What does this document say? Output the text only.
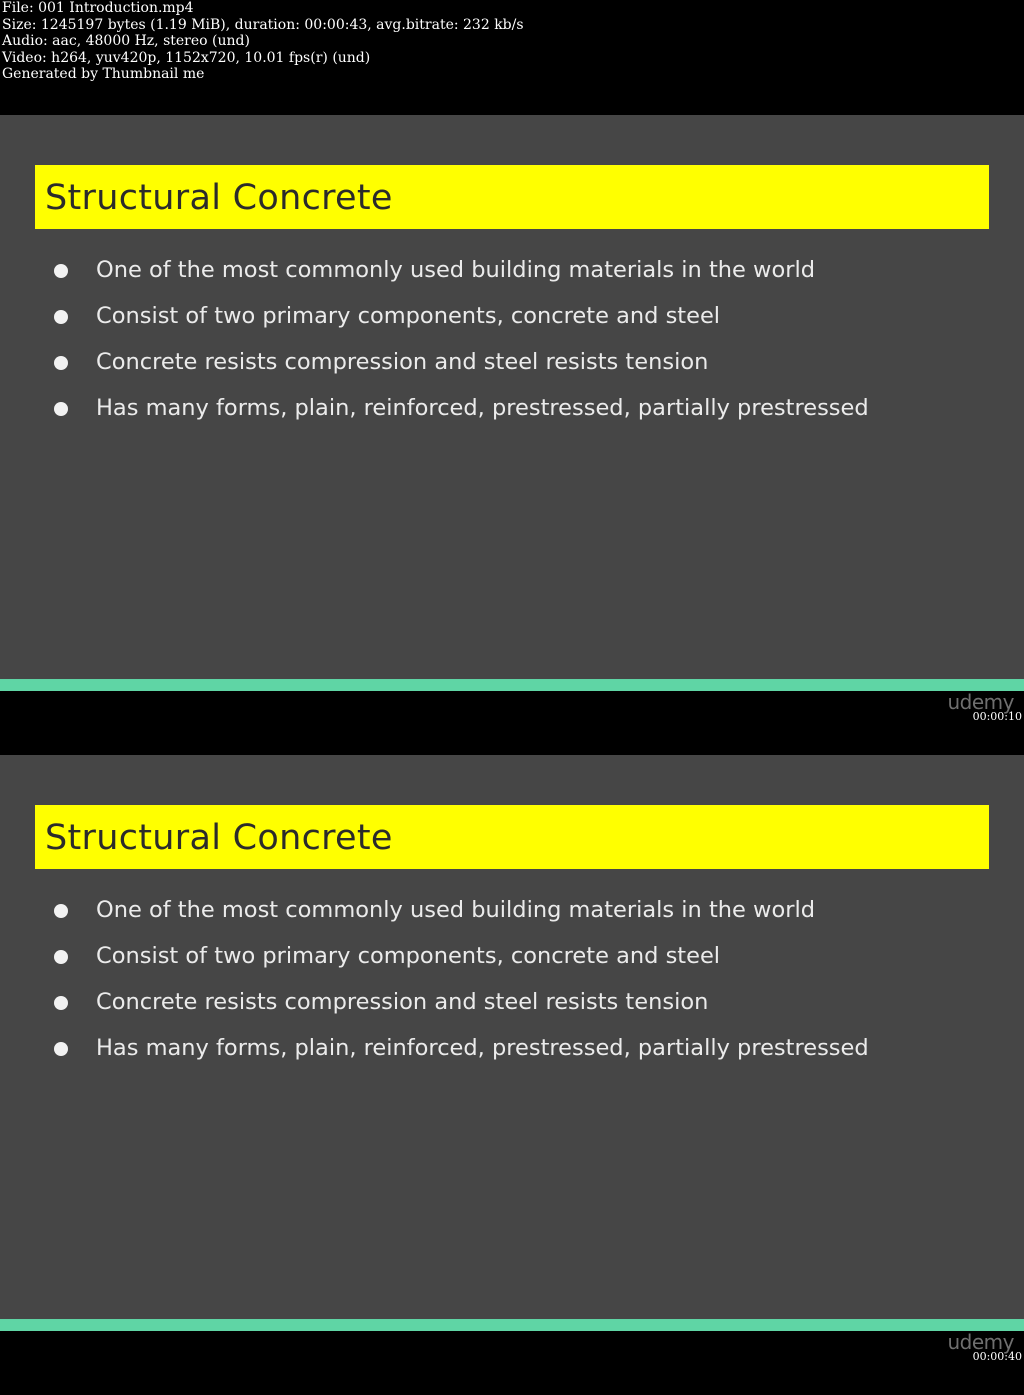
File: 001 Introduction.mp4
Size: 1245197 bytes (1.19 MiB), duration: 00:00:43, avg.bitrate: 232 kb/s
Audio: aac, 48000 Hz, stereo (und)
Video: h264, yuv420p, 1152x720, 10.01 fps(r) (und)
Generated by Thumbnail me
Structural Concrete
One of the most commonly used building materials in the world
Consist of two primary components, concrete and steel
Concrete resists compression and steel resists tension
Has many forms, plain, reinforced, prestressed, partially prestressed
udemy
00:00:10
Structural Concrete
One of the most commonly used building materials in the world
Consist of two primary components, concrete and steel
Concrete resists compression and steel resists tension
Has many forms, plain, reinforced, prestressed, partially prestressed
udemy
00:00:40
